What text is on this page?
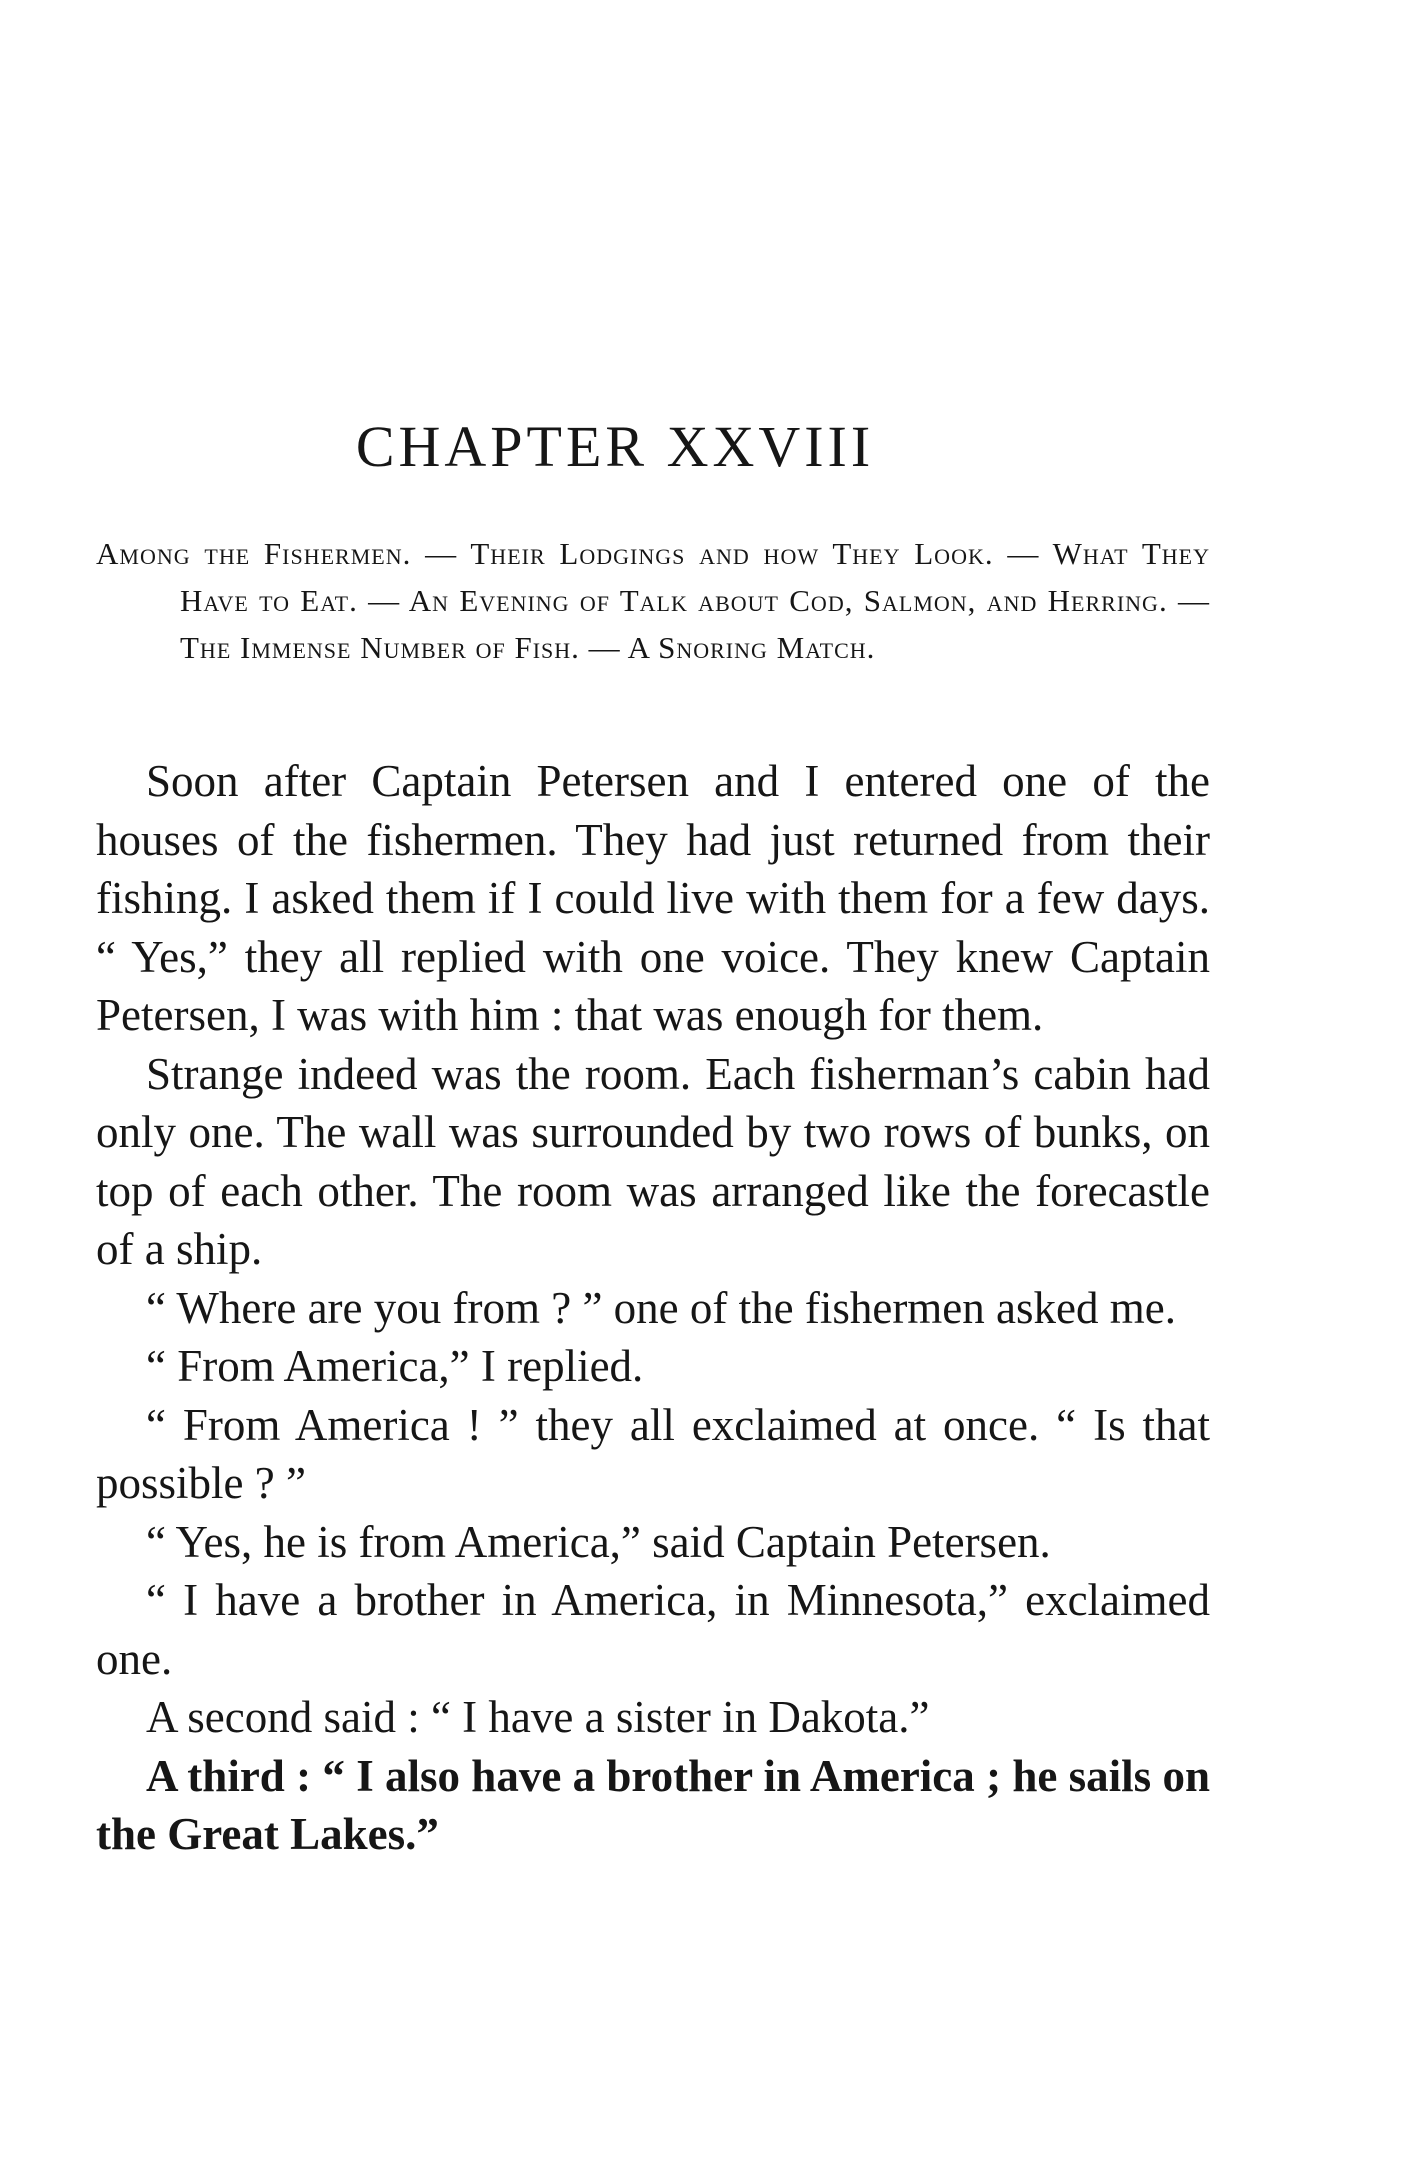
CHAPTER XXVIII

Among the Fishermen. — Their Lodgings and how They Look. — What They Have to Eat. — An Evening of Talk about Cod, Salmon, and Herring. — The Immense Number of Fish. — A Snoring Match.

Soon after Captain Petersen and I entered one of the houses of the fishermen. They had just returned from their fishing. I asked them if I could live with them for a few days. “ Yes,” they all replied with one voice. They knew Captain Petersen, I was with him : that was enough for them.

Strange indeed was the room. Each fisherman’s cabin had only one. The wall was surrounded by two rows of bunks, on top of each other. The room was arranged like the forecastle of a ship.

“ Where are you from ? ” one of the fishermen asked me.

“ From America,” I replied.

“ From America ! ” they all exclaimed at once. “ Is that possible ? ”

“ Yes, he is from America,” said Captain Petersen.

“ I have a brother in America, in Minnesota,” exclaimed one.

A second said : “ I have a sister in Dakota.”

A third : “ I also have a brother in America ; he sails on the Great Lakes.”
